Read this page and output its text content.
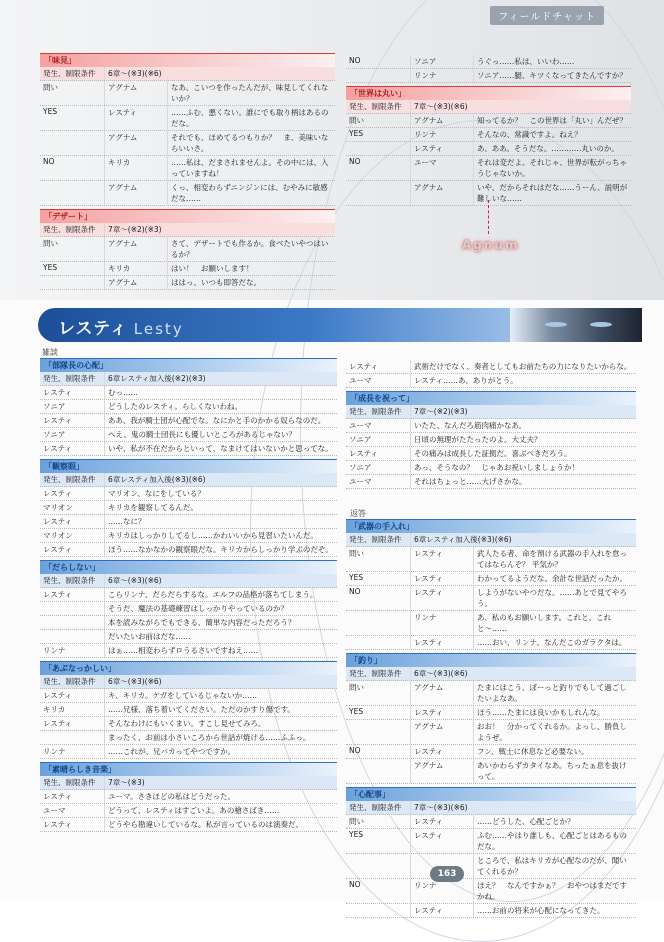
フィールドチャット
「味見」
発生、制限条件	6章〜(※3)(※6)
問い	アグナム	なあ、こいつを作ったんだが、味見してくれないか？
YES	レスティ	……ふむ、悪くない。誰にでも取り柄はあるのだな。
アグナム	それでも、ほめてるつもりか？　ま、美味いならいいさ。
NO	キリカ	……私は、だまされませんよ。その中には、入っていますね！
アグナム	くっ、相変わらずニンジンには、むやみに敏感だな……
「デザート」
発生、制限条件	7章〜(※2)(※3)
問い	アグナム	さて、デザートでも作るか。食べたいやつはいるか？
YES	キリカ	はい！　お願いします！
アグナム	ははっ、いつも即答だな。
NO	ソニア	うぐっ……私は、いいわ……
リンナ	ソニア……腿、キツくなってきたんですか？
「世界は丸い」
発生、制限条件	7章〜(※3)(※6)
問い	アグナム	知ってるか？　この世界は「丸い」んだぜ？
YES	リンナ	そんなの、常識ですよ。ねえ？
レスティ	あ、ああ。そうだな。…………丸いのか。
NO	ユーマ	それは変だよ。それじゃ、世界が転がっちゃうじゃないか。
アグナム	いや、だからそれはだな……うーん、説明が難しいな……
Agnum
レスティ Lesty
雑談
「部隊長の心配」
発生、制限条件	6章レスティ加入後(※2)(※3)
レスティ	むっ……
ソニア	どうしたのレスティ。らしくないわね。
レスティ	ああ、我が騎士団が心配でな。なにかと手のかかる奴らなのだ。
ソニア	へえ、鬼の騎士団長にも優しいところがあるじゃない？
レスティ	いや、私が不在だからといって、なまけてはいないかと思ってな。
「観察眼」
発生、制限条件	6章レスティ加入後(※3)(※6)
レスティ	マリオン、なにをしている？
マリオン	キリカを観察してるんだ。
レスティ	……なに？
マリオン	キリカはしっかりしてるし……かわいいから見習いたいんだ。
レスティ	ほう……なかなかの観察眼だな。キリカからしっかり学ぶのだぞ。
「だらしない」
発生、制限条件	6章〜(※3)(※6)
レスティ	こらリンナ、だらだらするな。エルフの品格が落ちてしまう。
そうだ、魔法の基礎練習はしっかりやっているのか？
本を読みながらでもできる、簡単な内容だっただろう？
だいたいお前はだな……
リンナ	はぁ……相変わらずロうるさいですねえ……
「あぶなっかしい」
発生、制限条件	6章〜(※3)(※6)
レスティ	キ、キリカ。ケガをしているじゃないか……
キリカ	……兄様、落ち着いてください。ただのかすり傷です。
レスティ	そんなわけにもいくまい。すこし見せてみろ。
まったく、お前は小さいころから世話が焼ける……ふふっ。
リンナ	……これが、兄バカってやつですか。
「素晴らしき音楽」
発生、制限条件	7章〜(※3)
レスティ	ユーマ。さきほどの私はどうだった。
ユーマ	どうって、レスティはすごいよ。あの槍さばき……
レスティ	どうやら勘違いしているな。私が言っているのは演奏だ。
レスティ	武術だけでなく、奏者としてもお前たちの力になりたいからな。
ユーマ	レスティ……あ、ありがとう。
「成長を祝って」
発生、制限条件	7章〜(※2)(※3)
ユーマ	いたた、なんだろ筋肉痛かなあ。
ソニア	日頃の無理がたたったのよ。大丈夫？
レスティ	その痛みは成長した証拠だ。喜ぶべきだろう。
ソニア	あっ、そうなの？　じゃあお祝いしましょうか！
ユーマ	それはちょっと……大げさかな。
返答
「武器の手入れ」
発生、制限条件	6章レスティ加入後(※3)(※6)
問い	レスティ	武人たる者、命を預ける武器の手入れを怠ってはならんぞ？ 平気か？
YES	レスティ	わかってるようだな。余計な世話だったか。
NO	レスティ	しようがないやつだな。……あとで見てやろう。
リンナ	あ、私のもお願いします。これと、これと〜……
レスティ	……おい、リンナ。なんだこのガラクタは。
「釣り」
発生、制限条件	6章〜(※3)(※6)
問い	アグナム	たまにはこう、ぼーっと釣りでもして過ごしたいよなあ。
YES	レスティ	ほう……たまには良いかもしれんな。
アグナム	おお！　分かってくれるか。よっし、勝負しようぜ。
NO	レスティ	フン、戦士に休息など必要ない。
アグナム	あいかわらずカタイなあ。ちったぁ息を抜けって。
「心配事」
発生、制限条件	7章〜(※3)(※6)
問い	レスティ	……どうした、心配ごとか？
YES	レスティ	ふむ……やはり誰しも、心配ごとはあるものだな。
ところで、私はキリカが心配なのだが、聞いてくれるか？
NO	リンナ	ほえ？　なんですかぁ？　おやつはまだですかね。
レスティ	……お前の将来が心配になってきた。
163
